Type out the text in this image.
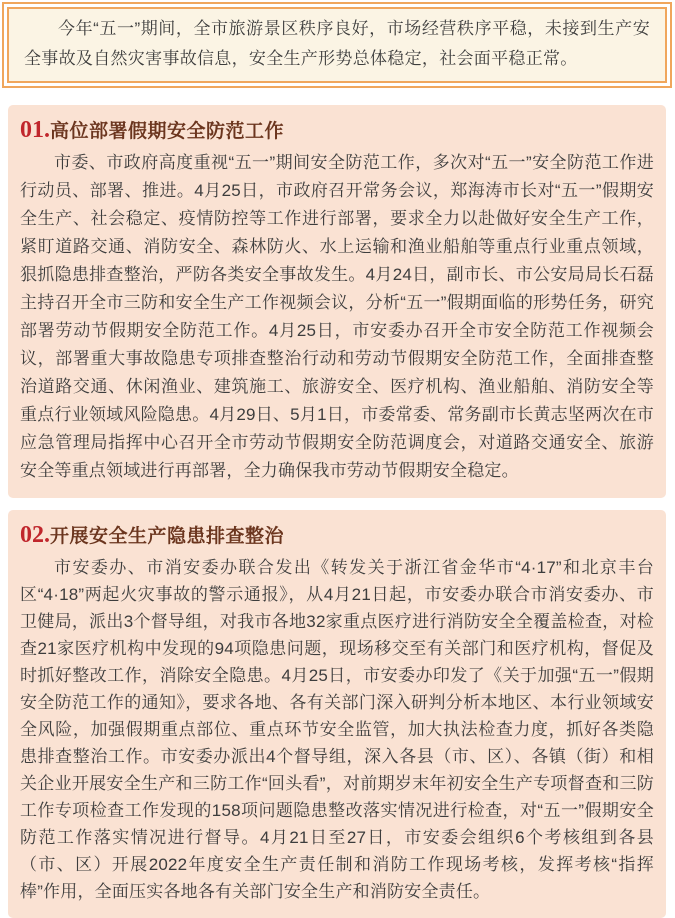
今年“五一”期间，全市旅游景区秩序良好，市场经营秩序平稳，未接到生产安全事故及自然灾害事故信息，安全生产形势总体稳定，社会面平稳正常。

01. 高位部署假期安全防范工作

市委、市政府高度重视“五一”期间安全防范工作，多次对“五一”安全防范工作进行动员、部署、推进。4月25日，市政府召开常务会议，郑海涛市长对“五一”假期安全生产、社会稳定、疫情防控等工作进行部署，要求全力以赴做好安全生产工作，紧盯道路交通、消防安全、森林防火、水上运输和渔业船舶等重点行业重点领域，狠抓隐患排查整治，严防各类安全事故发生。4月24日，副市长、市公安局局长石磊主持召开全市三防和安全生产工作视频会议，分析“五一”假期面临的形势任务，研究部署劳动节假期安全防范工作。4月25日，市安委办召开全市安全防范工作视频会议，部署重大事故隐患专项排查整治行动和劳动节假期安全防范工作，全面排查整治道路交通、休闲渔业、建筑施工、旅游安全、医疗机构、渔业船舶、消防安全等重点行业领域风险隐患。4月29日、5月1日，市委常委、常务副市长黄志坚两次在市应急管理局指挥中心召开全市劳动节假期安全防范调度会，对道路交通安全、旅游安全等重点领域进行再部署，全力确保我市劳动节假期安全稳定。

02. 开展安全生产隐患排查整治

市安委办、市消安委办联合发出《转发关于浙江省金华市“4·17”和北京丰台区“4·18”两起火灾事故的警示通报》，从4月21日起，市安委办联合市消安委办、市卫健局，派出3个督导组，对我市各地32家重点医疗进行消防安全全覆盖检查，对检查21家医疗机构中发现的94项隐患问题，现场移交至有关部门和医疗机构，督促及时抓好整改工作，消除安全隐患。4月25日，市安委办印发了《关于加强“五一”假期安全防范工作的通知》，要求各地、各有关部门深入研判分析本地区、本行业领域安全风险，加强假期重点部位、重点环节安全监管，加大执法检查力度，抓好各类隐患排查整治工作。市安委办派出4个督导组，深入各县（市、区）、各镇（街）和相关企业开展安全生产和三防工作“回头看”，对前期岁末年初安全生产专项督查和三防工作专项检查工作发现的158项问题隐患整改落实情况进行检查，对“五一”假期安全防范工作落实情况进行督导。4月21日至27日，市安委会组织6个考核组到各县（市、区）开展2022年度安全生产责任制和消防工作现场考核，发挥考核“指挥棒”作用，全面压实各地各有关部门安全生产和消防安全责任。
